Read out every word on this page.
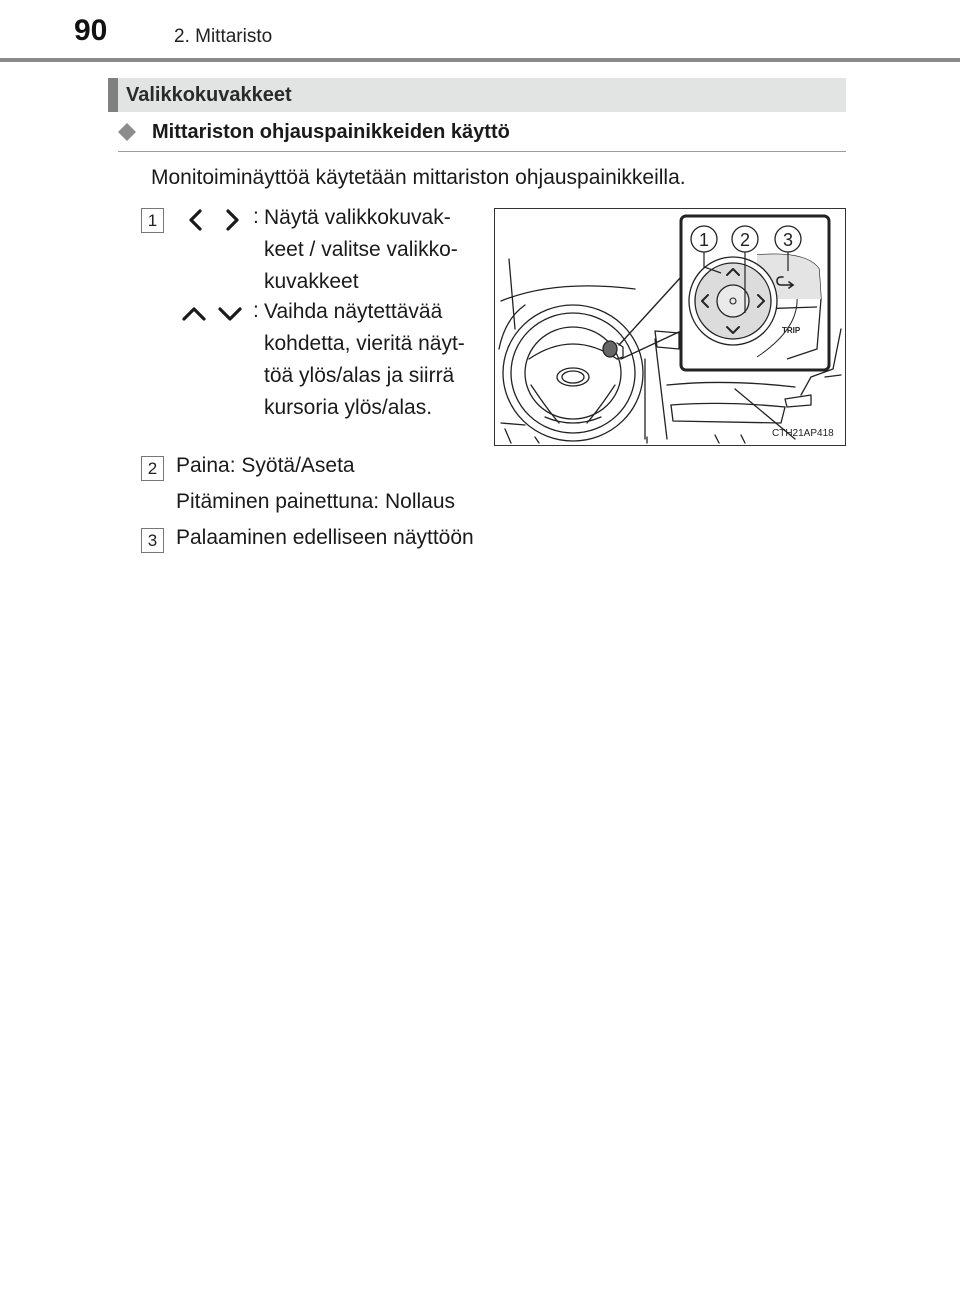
90	2. Mittaristo
Valikkokuvakkeet
Mittariston ohjauspainikkeiden käyttö
Monitoiminäyttöä käytetään mittariston ohjauspainikkeilla.
1	: Näytä valikkokuvak-
keet / valitse valikko-
kuvakkeet
: Vaihda näytettävää
kohdetta, vieritä näyt-
töä ylös/alas ja siirrä
kursoria ylös/alas.
TRIP
1 2 3
CTH21AP418
2 Paina: Syötä/Aseta
Pitäminen painettuna: Nollaus
3 Palaaminen edelliseen näyttöön
